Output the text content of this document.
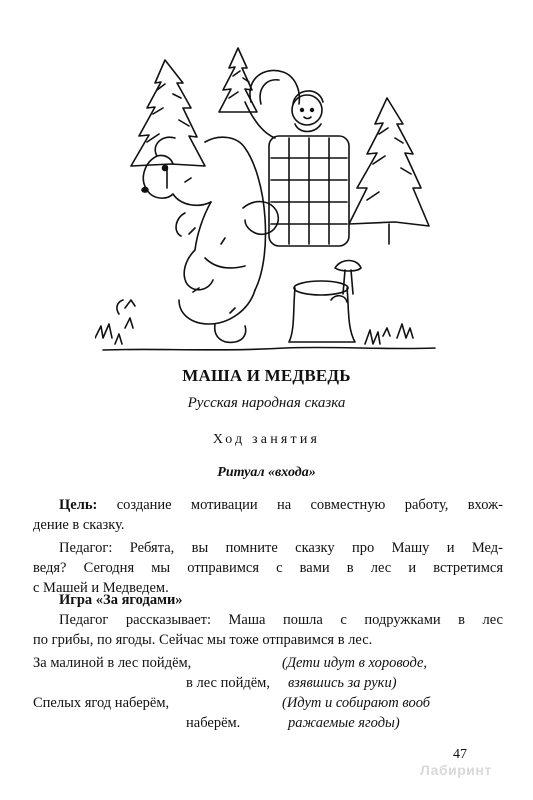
МАША И МЕДВЕДЬ
Русская народная сказка
Ход занятия
Ритуал «входа»
Цель: создание мотивации на совместную работу, вхож-
дение в сказку.
Педагог: Ребята, вы помните сказку про Машу и Мед-
ведя? Сегодня мы отправимся с вами в лес и встретимся
с Машей и Медведем.
Игра «За ягодами»
Педагог рассказывает: Маша пошла с подружками в лес
по грибы, по ягоды. Сейчас мы тоже отправимся в лес.
За малиной в лес пойдём,
в лес пойдём,
Спелых ягод наберём,
наберём.
(Дети идут в хороводе,
взявшись за руки)
(Идут и собирают вооб
ражаемые ягоды)
47
Лабиринт
